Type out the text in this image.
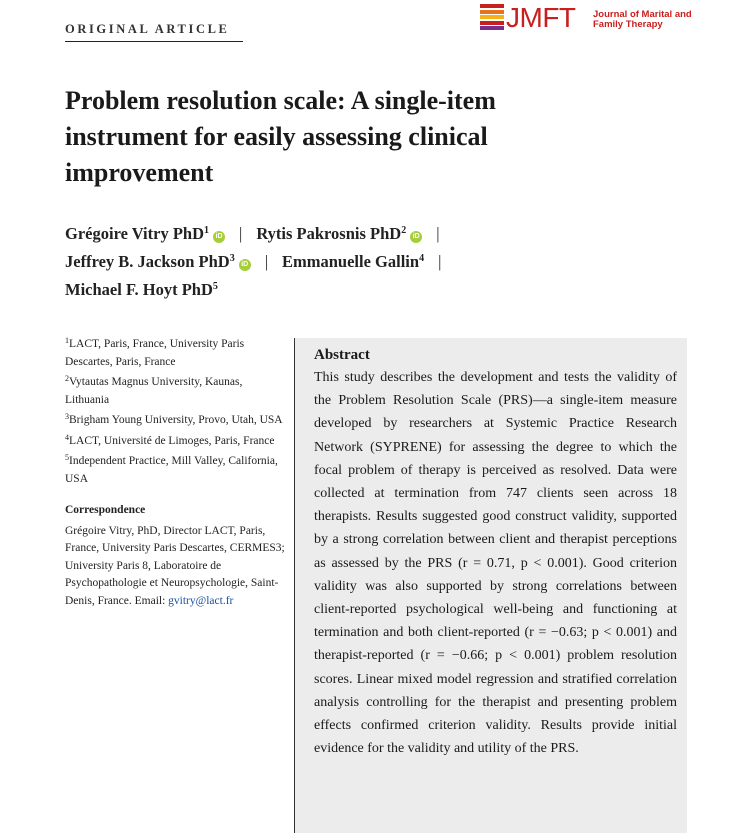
ORIGINAL ARTICLE	JMFT Journal of Marital and Family Therapy
Problem resolution scale: A single-item instrument for easily assessing clinical improvement
Grégoire Vitry PhD$^1$iD | Rytis Pakrosnis PhD$^2$iD |
Jeffrey B. Jackson PhD$^3$iD | Emmanuelle Gallin$^4$ |
Michael F. Hoyt PhD$^5$

$^1$LACT, Paris, France, University Paris Descartes, Paris, France

$^2$Vytautas Magnus University, Kaunas, Lithuania

$^3$Brigham Young University, Provo, Utah, USA

$^4$LACT, Université de Limoges, Paris, France

$^5$Independent Practice, Mill Valley, California, USA

Correspondence

Grégoire Vitry, PhD, Director LACT, Paris, France, University Paris Descartes, CERMES3; University Paris 8, Laboratoire de Psychopathologie et Neuropsychologie, Saint-Denis, France. Email: gvitry@lact.fr

Abstract

This study describes the development and tests the validity of the Problem Resolution Scale (PRS)—a single-item measure developed by researchers at Systemic Practice Research Network (SYPRENE) for assessing the degree to which the focal problem of therapy is perceived as resolved. Data were collected at termination from 747 clients seen across 18 therapists. Results suggested good construct validity, supported by a strong correlation between client and therapist perceptions as assessed by the PRS (r = 0.71, p < 0.001). Good criterion validity was also supported by strong correlations between client-reported psychological well-being and functioning at termination and both client-reported (r = −0.63; p < 0.001) and therapist-reported (r = −0.66; p < 0.001) problem resolution scores. Linear mixed model regression and stratified correlation analysis controlling for the therapist and presenting problem effects confirmed criterion validity. Results provide initial evidence for the validity and utility of the PRS.
